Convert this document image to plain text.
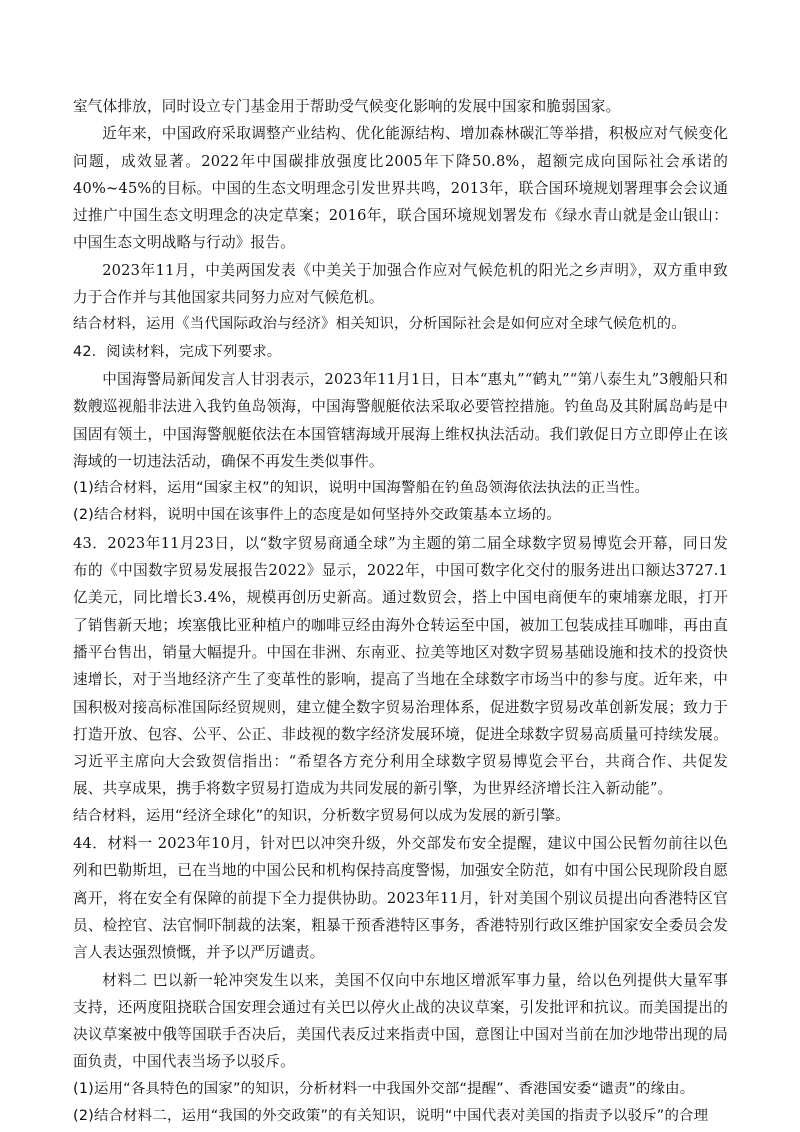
室气体排放，同时设立专门基金用于帮助受气候变化影响的发展中国家和脆弱国家。

近年来，中国政府采取调整产业结构、优化能源结构、增加森林碳汇等举措，积极应对气候变化问题，成效显著。2022年中国碳排放强度比2005年下降50.8%，超额完成向国际社会承诺的40%~45%的目标。中国的生态文明理念引发世界共鸣，2013年，联合国环境规划署理事会会议通过推广中国生态文明理念的决定草案；2016年，联合国环境规划署发布《绿水青山就是金山银山：中国生态文明战略与行动》报告。

2023年11月，中美两国发表《中美关于加强合作应对气候危机的阳光之乡声明》，双方重申致力于合作并与其他国家共同努力应对气候危机。

结合材料，运用《当代国际政治与经济》相关知识，分析国际社会是如何应对全球气候危机的。

42．阅读材料，完成下列要求。

中国海警局新闻发言人甘羽表示，2023年11月1日，日本“惠丸”“鹤丸”“第八泰生丸”3艘船只和数艘巡视船非法进入我钓鱼岛领海，中国海警舰艇依法采取必要管控措施。钓鱼岛及其附属岛屿是中国固有领土，中国海警舰艇依法在本国管辖海域开展海上维权执法活动。我们敦促日方立即停止在该海域的一切违法活动，确保不再发生类似事件。

(1)结合材料，运用“国家主权”的知识，说明中国海警船在钓鱼岛领海依法执法的正当性。

(2)结合材料，说明中国在该事件上的态度是如何坚持外交政策基本立场的。

43．2023年11月23日，以“数字贸易商通全球”为主题的第二届全球数字贸易博览会开幕，同日发布的《中国数字贸易发展报告2022》显示，2022年，中国可数字化交付的服务进出口额达3727.1亿美元，同比增长3.4%，规模再创历史新高。通过数贸会，搭上中国电商便车的柬埔寨龙眼，打开了销售新天地；埃塞俄比亚种植户的咖啡豆经由海外仓转运至中国，被加工包装成挂耳咖啡，再由直播平台售出，销量大幅提升。中国在非洲、东南亚、拉美等地区对数字贸易基础设施和技术的投资快速增长，对于当地经济产生了变革性的影响，提高了当地在全球数字市场当中的参与度。近年来，中国积极对接高标准国际经贸规则，建立健全数字贸易治理体系，促进数字贸易改革创新发展；致力于打造开放、包容、公平、公正、非歧视的数字经济发展环境，促进全球数字贸易高质量可持续发展。习近平主席向大会致贺信指出：“希望各方充分利用全球数字贸易博览会平台，共商合作、共促发展、共享成果，携手将数字贸易打造成为共同发展的新引擎，为世界经济增长注入新动能”。

结合材料，运用“经济全球化”的知识，分析数字贸易何以成为发展的新引擎。

44．材料一 2023年10月，针对巴以冲突升级，外交部发布安全提醒，建议中国公民暂勿前往以色列和巴勒斯坦，已在当地的中国公民和机构保持高度警惕，加强安全防范，如有中国公民现阶段自愿离开，将在安全有保障的前提下全力提供协助。2023年11月，针对美国个别议员提出向香港特区官员、检控官、法官恫吓制裁的法案，粗暴干预香港特区事务，香港特别行政区维护国家安全委员会发言人表达强烈愤慨，并予以严厉谴责。

材料二 巴以新一轮冲突发生以来，美国不仅向中东地区增派军事力量，给以色列提供大量军事支持，还两度阻挠联合国安理会通过有关巴以停火止战的决议草案，引发批评和抗议。而美国提出的决议草案被中俄等国联手否决后，美国代表反过来指责中国，意图让中国对当前在加沙地带出现的局面负责，中国代表当场予以驳斥。

(1)运用“各具特色的国家”的知识，分析材料一中我国外交部“提醒”、香港国安委“谴责”的缘由。

(2)结合材料二，运用“我国的外交政策”的有关知识，说明“中国代表对美国的指责予以驳斥”的合理
